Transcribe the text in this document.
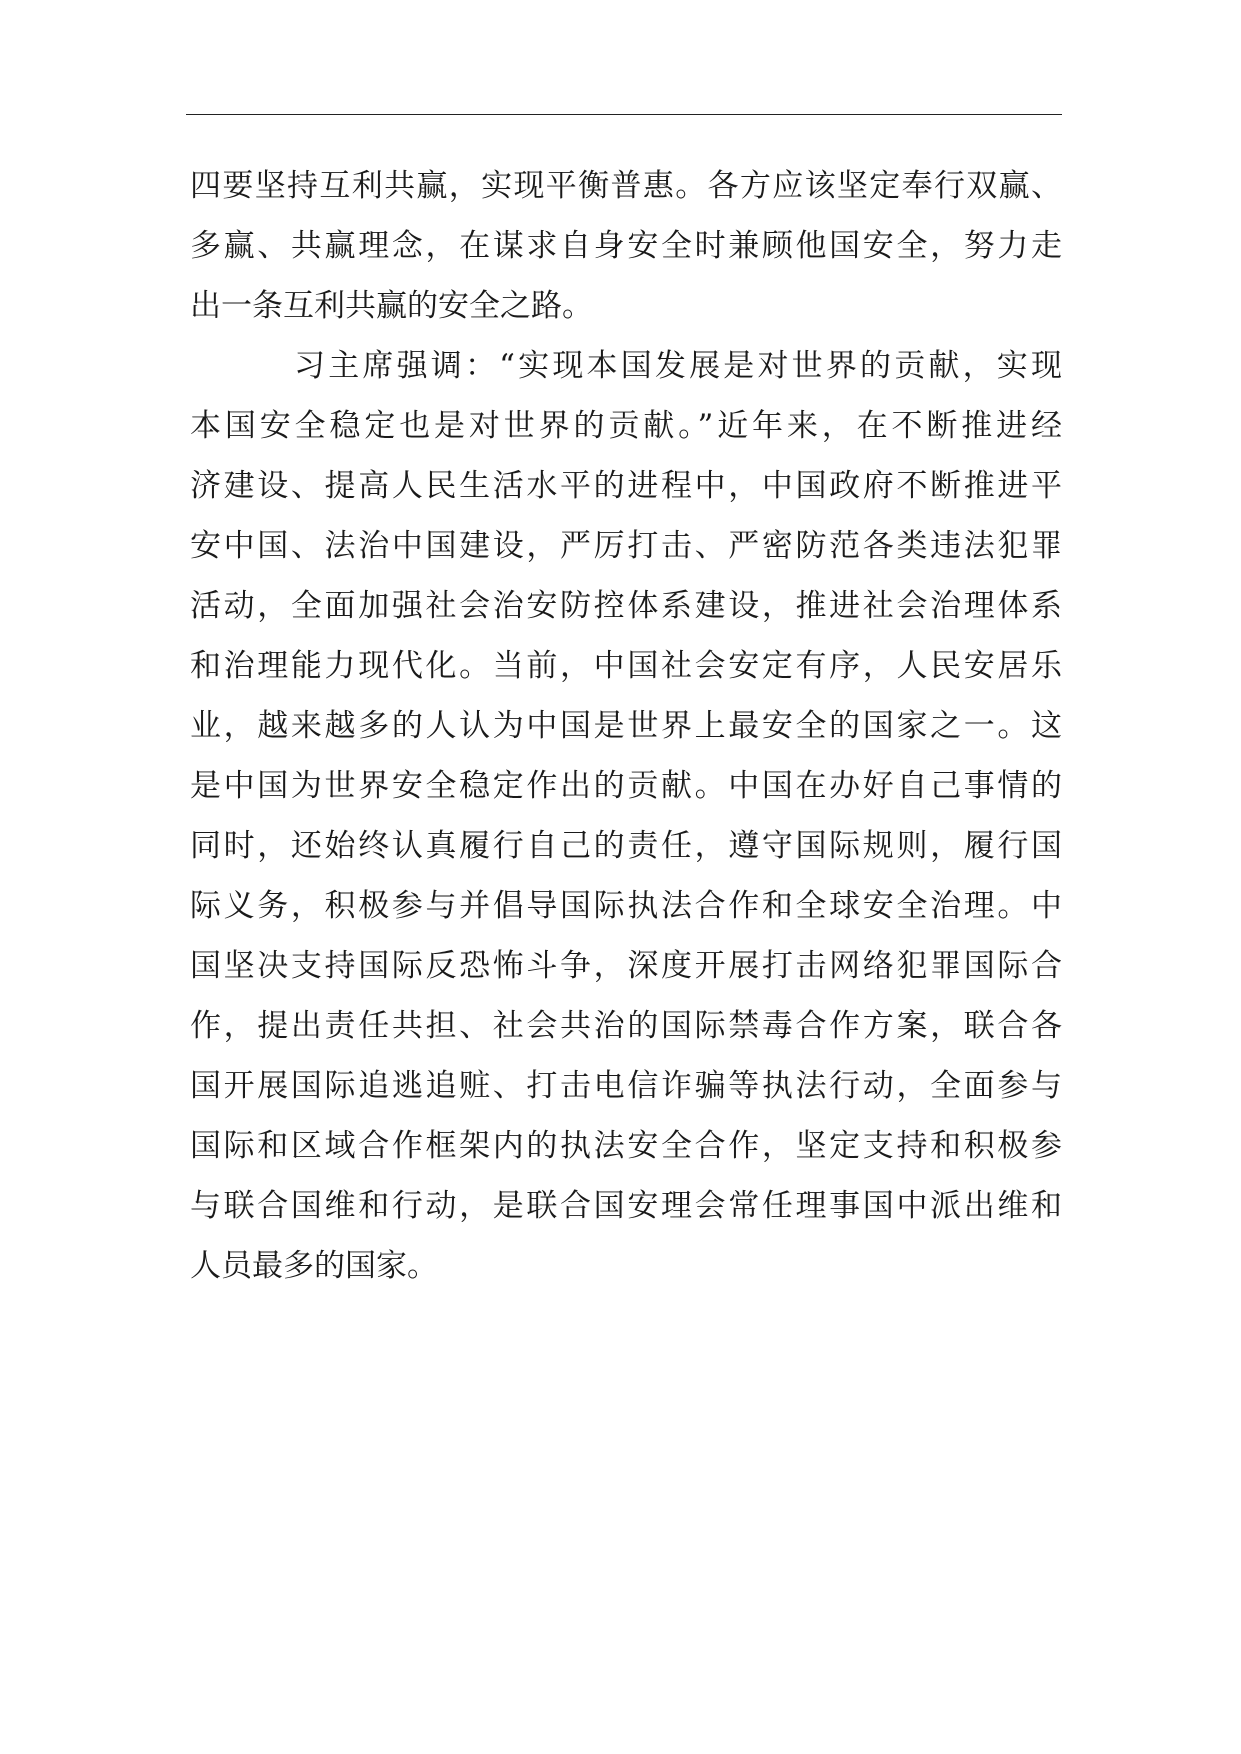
四要坚持互利共赢，实现平衡普惠。各方应该坚定奉行双赢、
多赢、共赢理念，在谋求自身安全时兼顾他国安全，努力走
出一条互利共赢的安全之路。
习主席强调：“实现本国发展是对世界的贡献，实现
本国安全稳定也是对世界的贡献。”近年来，在不断推进经
济建设、提高人民生活水平的进程中，中国政府不断推进平
安中国、法治中国建设，严厉打击、严密防范各类违法犯罪
活动，全面加强社会治安防控体系建设，推进社会治理体系
和治理能力现代化。当前，中国社会安定有序，人民安居乐
业，越来越多的人认为中国是世界上最安全的国家之一。这
是中国为世界安全稳定作出的贡献。中国在办好自己事情的
同时，还始终认真履行自己的责任，遵守国际规则，履行国
际义务，积极参与并倡导国际执法合作和全球安全治理。中
国坚决支持国际反恐怖斗争，深度开展打击网络犯罪国际合
作，提出责任共担、社会共治的国际禁毒合作方案，联合各
国开展国际追逃追赃、打击电信诈骗等执法行动，全面参与
国际和区域合作框架内的执法安全合作，坚定支持和积极参
与联合国维和行动，是联合国安理会常任理事国中派出维和
人员最多的国家。
